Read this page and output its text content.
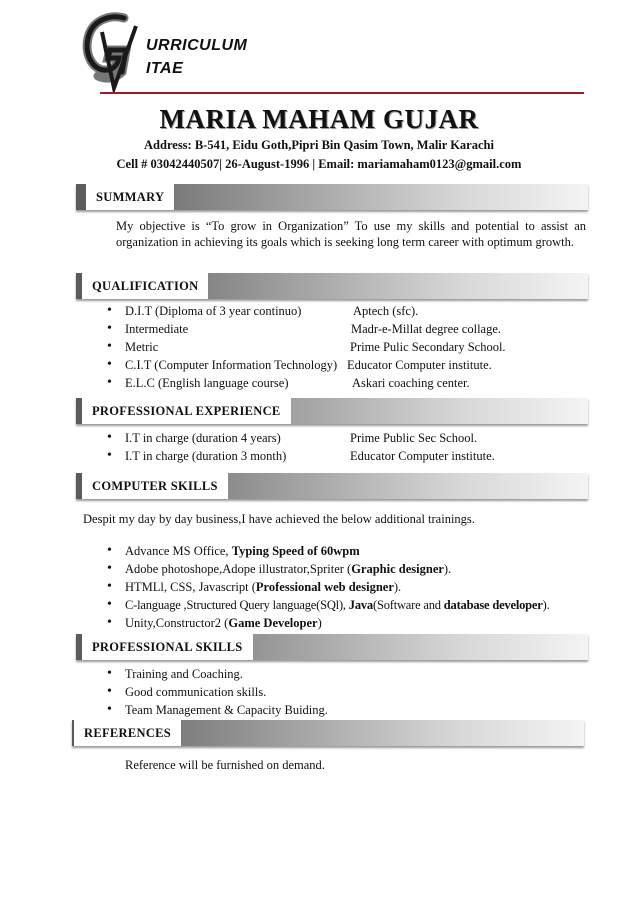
URRICULUM
ITAE
MARIA MAHAM GUJAR
Address: B-541, Eidu Goth,Pipri Bin Qasim Town, Malir Karachi
Cell # 03042440507| 26-August-1996 | Email: mariamaham0123@gmail.com
SUMMARY
My objective is “To grow in Organization” To use my skills and potential to assist an organization in achieving its goals which is seeking long term career with optimum growth.
QUALIFICATION
• D.I.T (Diploma of 3 year continuo)	Aptech (sfc).
• Intermediate	Madr-e-Millat degree collage.
• Metric	Prime Pulic Secondary School.
• C.I.T (Computer Information Technology) Educator Computer institute.
• E.L.C (English language course)	Askari coaching center.
PROFESSIONAL EXPERIENCE
• I.T in charge (duration 4 years)	Prime Public Sec School.
• I.T in charge (duration 3 month)	Educator Computer institute.
COMPUTER SKILLS
Despit my day by day business,I have achieved the below additional trainings.
• Advance MS Office, Typing Speed of 60wpm
• Adobe photoshope,Adope illustrator,Spriter (Graphic designer).
• HTMLl, CSS, Javascript (Professional web designer).
• C-language ,Structured Query language(SQl), Java(Software and database developer).
• Unity,Constructor2 (Game Developer)
PROFESSIONAL SKILLS
• Training and Coaching.
• Good communication skills.
• Team Management & Capacity Buiding.
REFERENCES
Reference will be furnished on demand.
